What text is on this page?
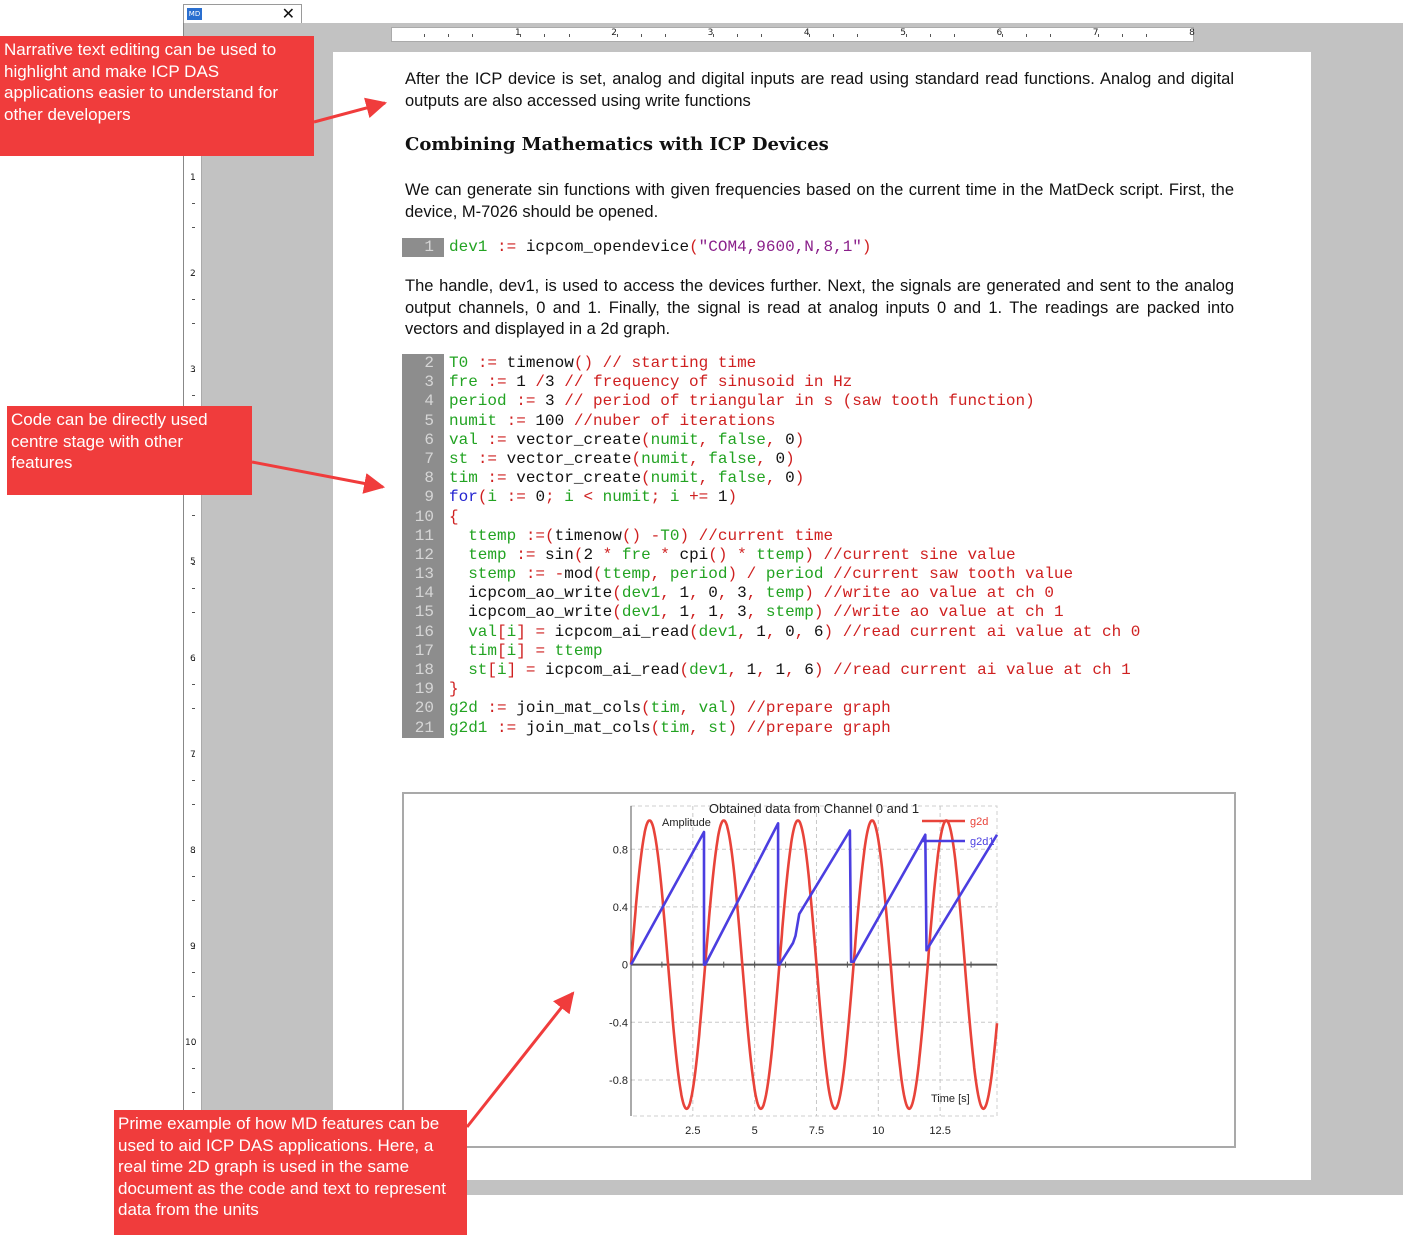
MD	✕
1	2	3	4	5	6	7	8
1
2
3
5
6
7
8
9
10
After the ICP device is set, analog and digital inputs are read using standard read functions. Analog and digital outputs are also accessed using write functions
Combining Mathematics with ICP Devices
We can generate sin functions with given frequencies based on the current time in the MatDeck script. First, the device, M-7026 should be opened.
1 dev1 := icpcom_opendevice("COM4,9600,N,8,1")
The handle, dev1, is used to access the devices further. Next, the signals are generated and sent to the analog output channels, 0 and 1. Finally, the signal is read at analog inputs 0 and 1. The readings are packed into vectors and displayed in a 2d graph.
2 T0 := timenow() // starting time
3 fre := 1 /3 // frequency of sinusoid in Hz
4 period := 3 // period of triangular in s (saw tooth function)
5 numit := 100 //nuber of iterations
6 val := vector_create(numit, false, 0)
7 st := vector_create(numit, false, 0)
8 tim := vector_create(numit, false, 0)
9 for(i := 0; i < numit; i += 1)
10 {
11 ttemp :=(timenow() -T0) //current time
12 temp := sin(2 * fre * cpi() * ttemp) //current sine value
13 stemp := -mod(ttemp, period) / period //current saw tooth value
14 icpcom_ao_write(dev1, 1, 0, 3, temp) //write ao value at ch 0
15 icpcom_ao_write(dev1, 1, 1, 3, stemp) //write ao value at ch 1
16 val[i] = icpcom_ai_read(dev1, 1, 0, 6) //read current ai value at ch 0
17 tim[i] = ttemp
18 st[i] = icpcom_ai_read(dev1, 1, 1, 6) //read current ai value at ch 1
19 }
20 g2d := join_mat_cols(tim, val) //prepare graph
21 g2d1 := join_mat_cols(tim, st) //prepare graph
2.5	5	7.5	10	12.5
0.8
0.4
0
-0.4
-0.8
Obtained data from Channel 0 and 1
Amplitude
Time [s]
g2d
g2d1
Narrative text editing can be used to highlight and make ICP DAS applications easier to understand for other developers
Code can be directly used centre stage with other features
Prime example of how MD features can be used to aid ICP DAS applications. Here, a real time 2D graph is used in the same document as the code and text to represent data from the units
